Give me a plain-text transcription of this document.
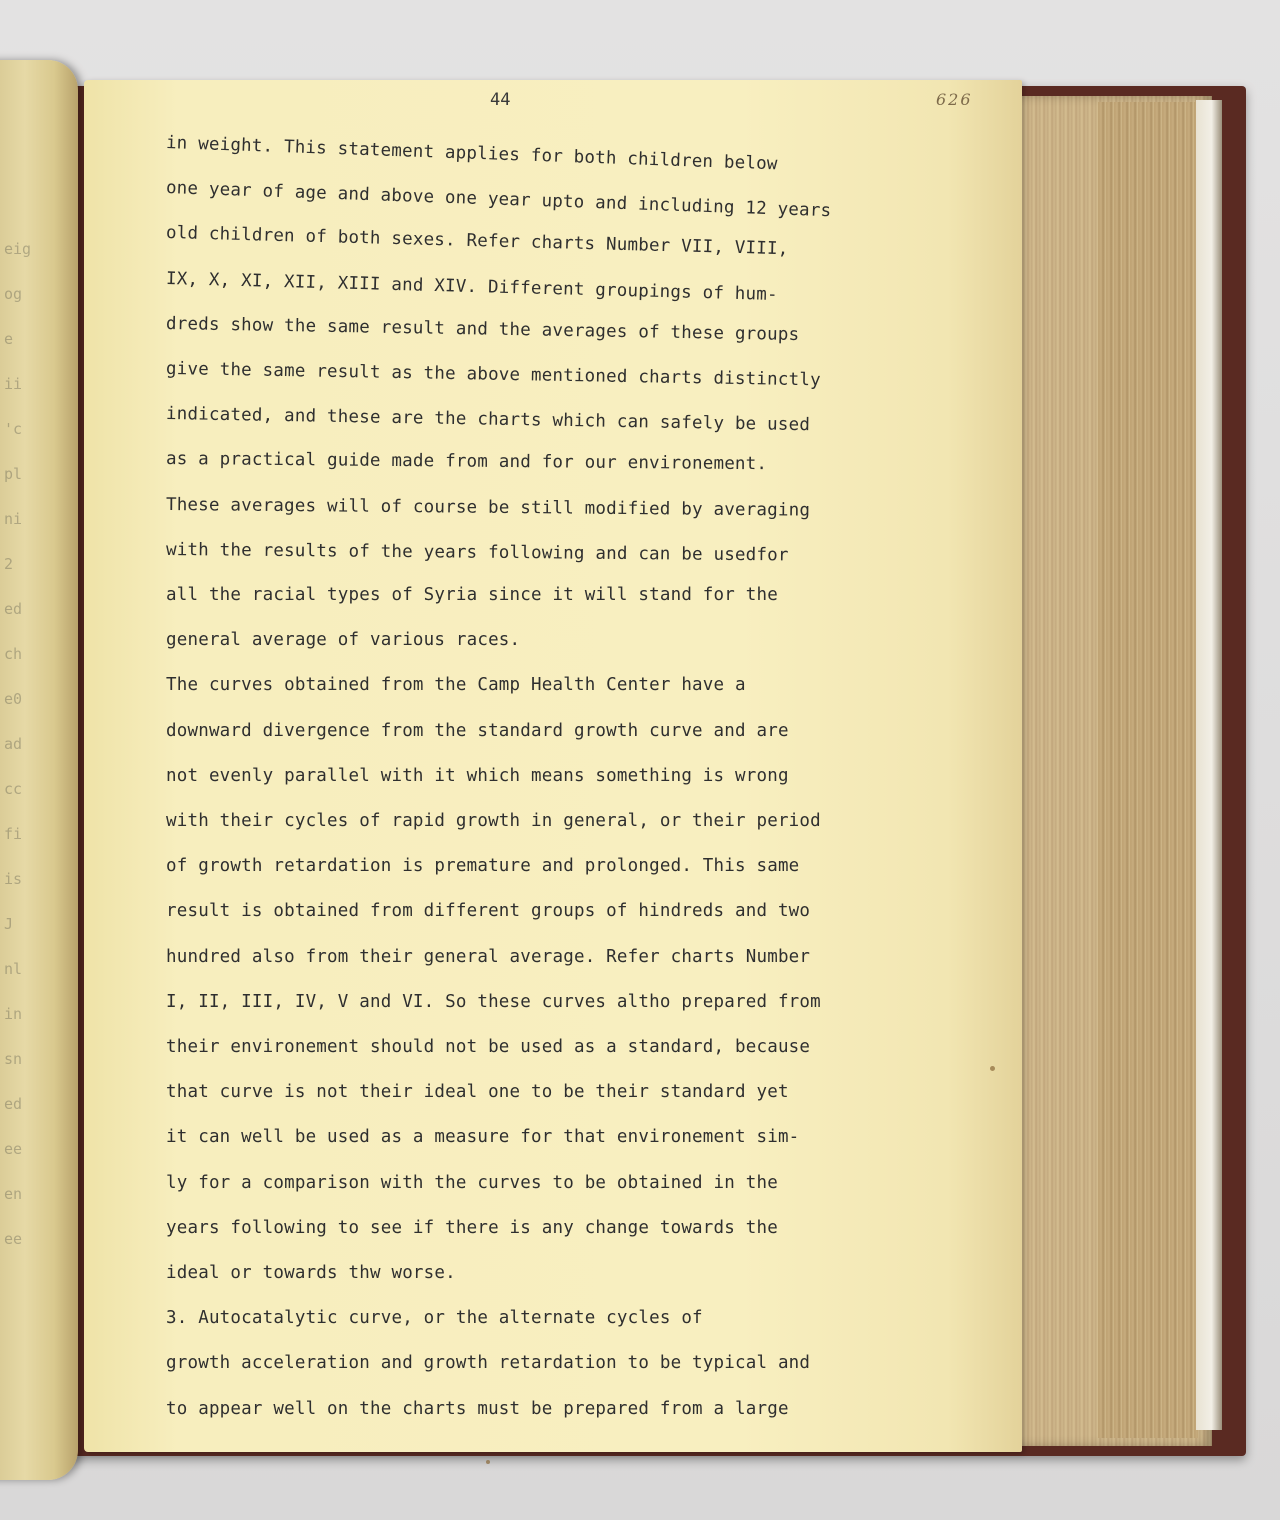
eig
og
e
ii
'c
pl
ni
2
ed
ch
e0
ad
cc
fi
is
J
nl
in
sn
ed
ee
en
ee
44	626
in weight. This statement applies for both children below
one year of age and above one year upto and including 12 years
old children of both sexes. Refer charts Number VII, VIII,
IX, X, XI, XII, XIII and XIV. Different groupings of hum-
dreds show the same result and the averages of these groups
give the same result as the above mentioned charts distinctly
indicated, and these are the charts which can safely be used
as a practical guide made from and for our environement.
These averages will of course be still modified by averaging
with the results of the years following and can be usedfor
all the racial types of Syria since it will stand for the
general average of various races.
The curves obtained from the Camp Health Center have a
downward divergence from the standard growth curve and are
not evenly parallel with it which means something is wrong
with their cycles of rapid growth in general, or their period
of growth retardation is premature and prolonged. This same
result is obtained from different groups of hindreds and two
hundred also from their general average. Refer charts Number
I, II, III, IV, V and VI. So these curves altho prepared from
their environement should not be used as a standard, because
that curve is not their ideal one to be their standard yet
it can well be used as a measure for that environement sim-
ly for a comparison with the curves to be obtained in the
years following to see if there is any change towards the
ideal or towards thw worse.
3. Autocatalytic curve, or the alternate cycles of
growth acceleration and growth retardation to be typical and
to appear well on the charts must be prepared from a large
